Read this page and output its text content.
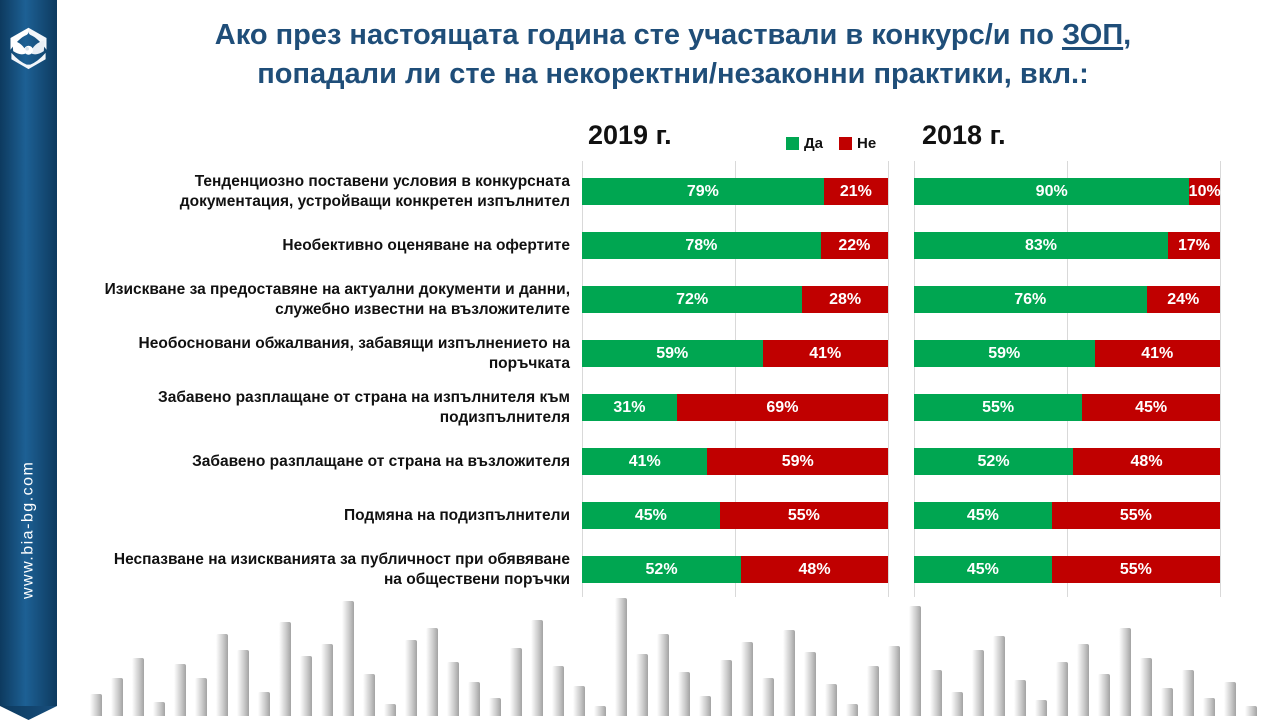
www.bia-bg.com
Ако през настоящата година сте участвали в конкурс/и по ЗОП,
попадали ли сте на некоректни/незаконни практики, вкл.:
2019 г.	2018 г.
Да Не
Тенденциозно поставени условия в конкурсната документация, устройващи конкретен изпълнител
79%	21%	90%	10%
Необективно оценяване на офертите	78%	22%	83%	17%
Изискване за предоставяне на актуални документи и данни, служебно известни на възложителите
72%	28%	76%	24%
Необосновани обжалвания, забавящи изпълнението на поръчката
59%	41%	59%	41%
Забавено разплащане от страна на изпълнителя към подизпълнителя
31%	69%	55%	45%
Забавено разплащане от страна на възложителя	41%	59%	52%	48%
Подмяна на подизпълнители	45%	55%	45%	55%
Неспазване на изискванията за публичност при обявяване на обществени поръчки
52%	48%	45%	55%
